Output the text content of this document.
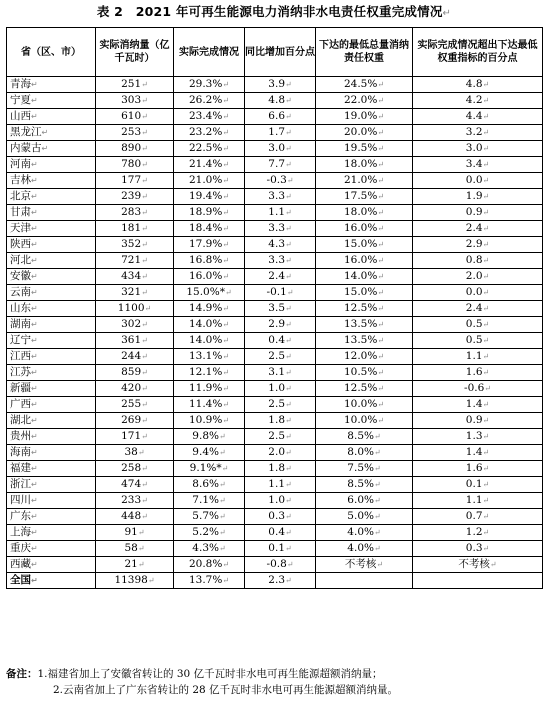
表 2　2021 年可再生能源电力消纳非水电责任权重完成情况↵
省（区、市）	实际消纳量（亿千瓦时）	实际完成情况	同比增加百分点	下达的最低总量消纳责任权重	实际完成情况超出下达最低权重指标的百分点
青海↵	251↵	29.3%↵	3.9↵	24.5%↵	4.8↵
宁夏↵	303↵	26.2%↵	4.8↵	22.0%↵	4.2↵
山西↵	610↵	23.4%↵	6.6↵	19.0%↵	4.4↵
黑龙江↵	253↵	23.2%↵	1.7↵	20.0%↵	3.2↵
内蒙古↵	890↵	22.5%↵	3.0↵	19.5%↵	3.0↵
河南↵	780↵	21.4%↵	7.7↵	18.0%↵	3.4↵
吉林↵	177↵	21.0%↵	-0.3↵	21.0%↵	0.0↵
北京↵	239↵	19.4%↵	3.3↵	17.5%↵	1.9↵
甘肃↵	283↵	18.9%↵	1.1↵	18.0%↵	0.9↵
天津↵	181↵	18.4%↵	3.3↵	16.0%↵	2.4↵
陕西↵	352↵	17.9%↵	4.3↵	15.0%↵	2.9↵
河北↵	721↵	16.8%↵	3.3↵	16.0%↵	0.8↵
安徽↵	434↵	16.0%↵	2.4↵	14.0%↵	2.0↵
云南↵	321↵	15.0%*↵	-0.1↵	15.0%↵	0.0↵
山东↵	1100↵	14.9%↵	3.5↵	12.5%↵	2.4↵
湖南↵	302↵	14.0%↵	2.9↵	13.5%↵	0.5↵
辽宁↵	361↵	14.0%↵	0.4↵	13.5%↵	0.5↵
江西↵	244↵	13.1%↵	2.5↵	12.0%↵	1.1↵
江苏↵	859↵	12.1%↵	3.1↵	10.5%↵	1.6↵
新疆↵	420↵	11.9%↵	1.0↵	12.5%↵	-0.6↵
广西↵	255↵	11.4%↵	2.5↵	10.0%↵	1.4↵
湖北↵	269↵	10.9%↵	1.8↵	10.0%↵	0.9↵
贵州↵	171↵	9.8%↵	2.5↵	8.5%↵	1.3↵
海南↵	38↵	9.4%↵	2.0↵	8.0%↵	1.4↵
福建↵	258↵	9.1%*↵	1.8↵	7.5%↵	1.6↵
浙江↵	474↵	8.6%↵	1.1↵	8.5%↵	0.1↵
四川↵	233↵	7.1%↵	1.0↵	6.0%↵	1.1↵
广东↵	448↵	5.7%↵	0.3↵	5.0%↵	0.7↵
上海↵	91↵	5.2%↵	0.4↵	4.0%↵	1.2↵
重庆↵	58↵	4.3%↵	0.1↵	4.0%↵	0.3↵
西藏↵	21↵	20.8%↵	-0.8↵	不考核↵	不考核↵
全国↵	11398↵	13.7%↵	2.3↵		
备注：1.福建省加上了安徽省转让的 30 亿千瓦时非水电可再生能源超额消纳量；
2.云南省加上了广东省转让的 28 亿千瓦时非水电可再生能源超额消纳量。
